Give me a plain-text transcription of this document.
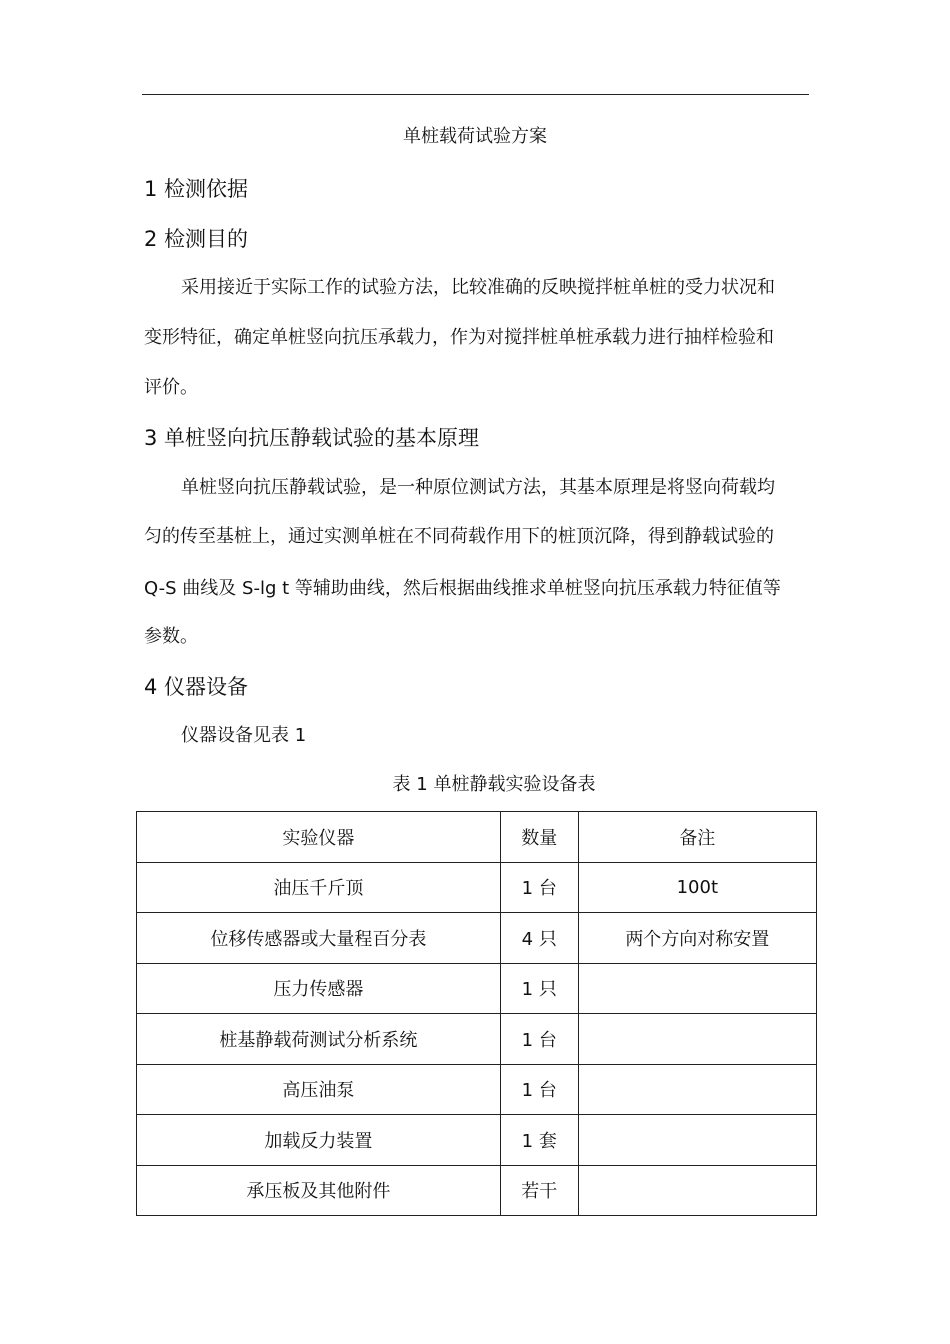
单桩载荷试验方案
1 检测依据
2 检测目的
采用接近于实际工作的试验方法，比较准确的反映搅拌桩单桩的受力状况和
变形特征，确定单桩竖向抗压承载力，作为对搅拌桩单桩承载力进行抽样检验和
评价。
3 单桩竖向抗压静载试验的基本原理
单桩竖向抗压静载试验，是一种原位测试方法，其基本原理是将竖向荷载均
匀的传至基桩上，通过实测单桩在不同荷载作用下的桩顶沉降，得到静载试验的
Q-S 曲线及 S-lg t 等辅助曲线，然后根据曲线推求单桩竖向抗压承载力特征值等
参数。
4 仪器设备
仪器设备见表 1
表 1 单桩静载实验设备表
实验仪器	数量	备注
油压千斤顶	1 台	100t
位移传感器或大量程百分表	4 只	两个方向对称安置
压力传感器	1 只	
桩基静载荷测试分析系统	1 台	
高压油泵	1 台	
加载反力装置	1 套	
承压板及其他附件	若干	
